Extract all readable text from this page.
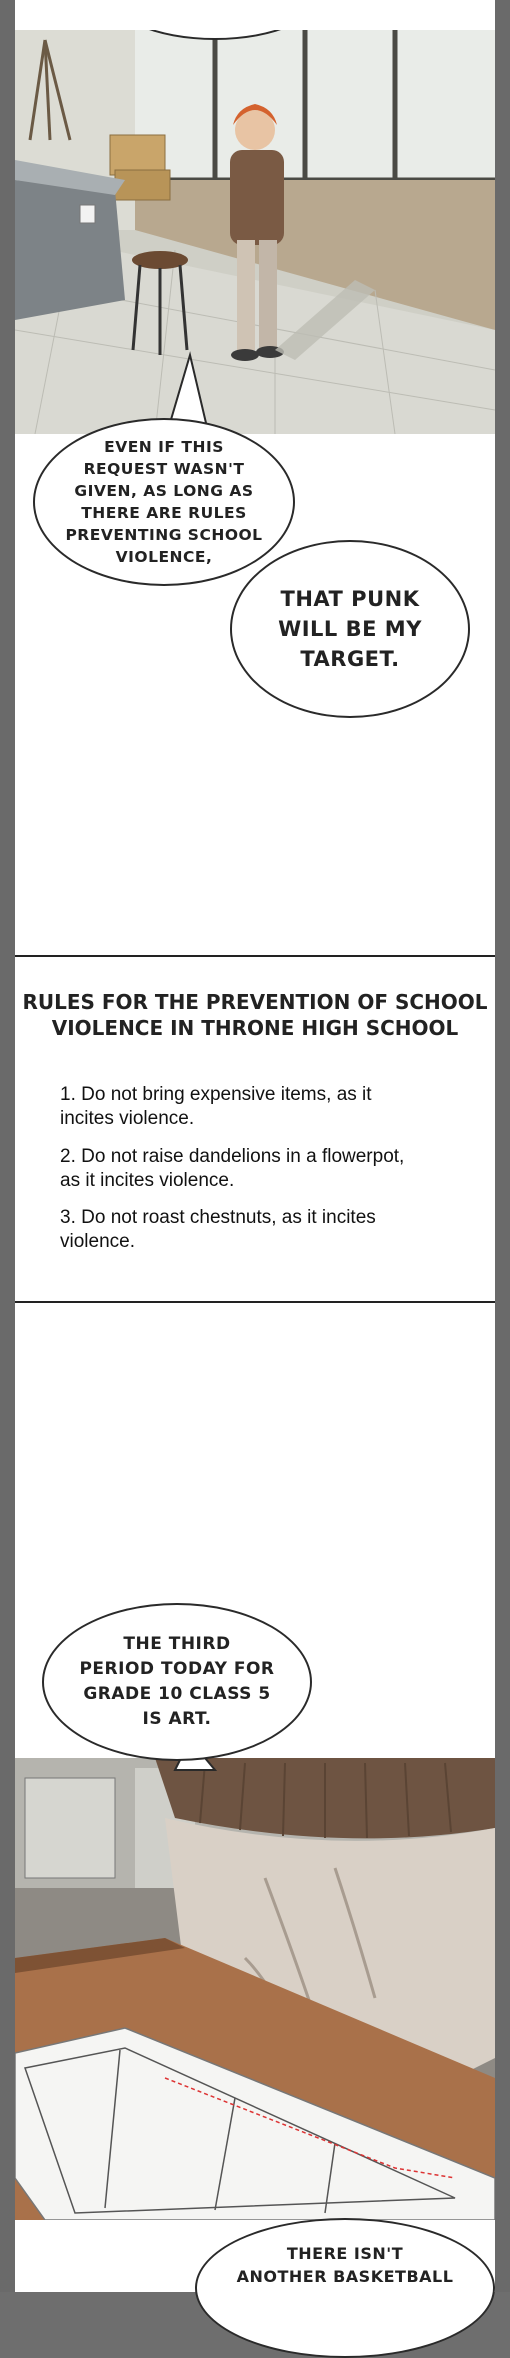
EVEN IF THIS
REQUEST WASN'T
GIVEN, AS LONG AS
THERE ARE RULES
PREVENTING SCHOOL
VIOLENCE,
THAT PUNK
WILL BE MY
TARGET.
RULES FOR THE PREVENTION OF SCHOOL
VIOLENCE IN THRONE HIGH SCHOOL
1. Do not bring expensive items, as it incites violence.
2. Do not raise dandelions in a flowerpot, as it incites violence.
3. Do not roast chestnuts, as it incites violence.
THE THIRD
PERIOD TODAY FOR
GRADE 10 CLASS 5
IS ART.
THERE ISN'T
ANOTHER BASKETBALL
